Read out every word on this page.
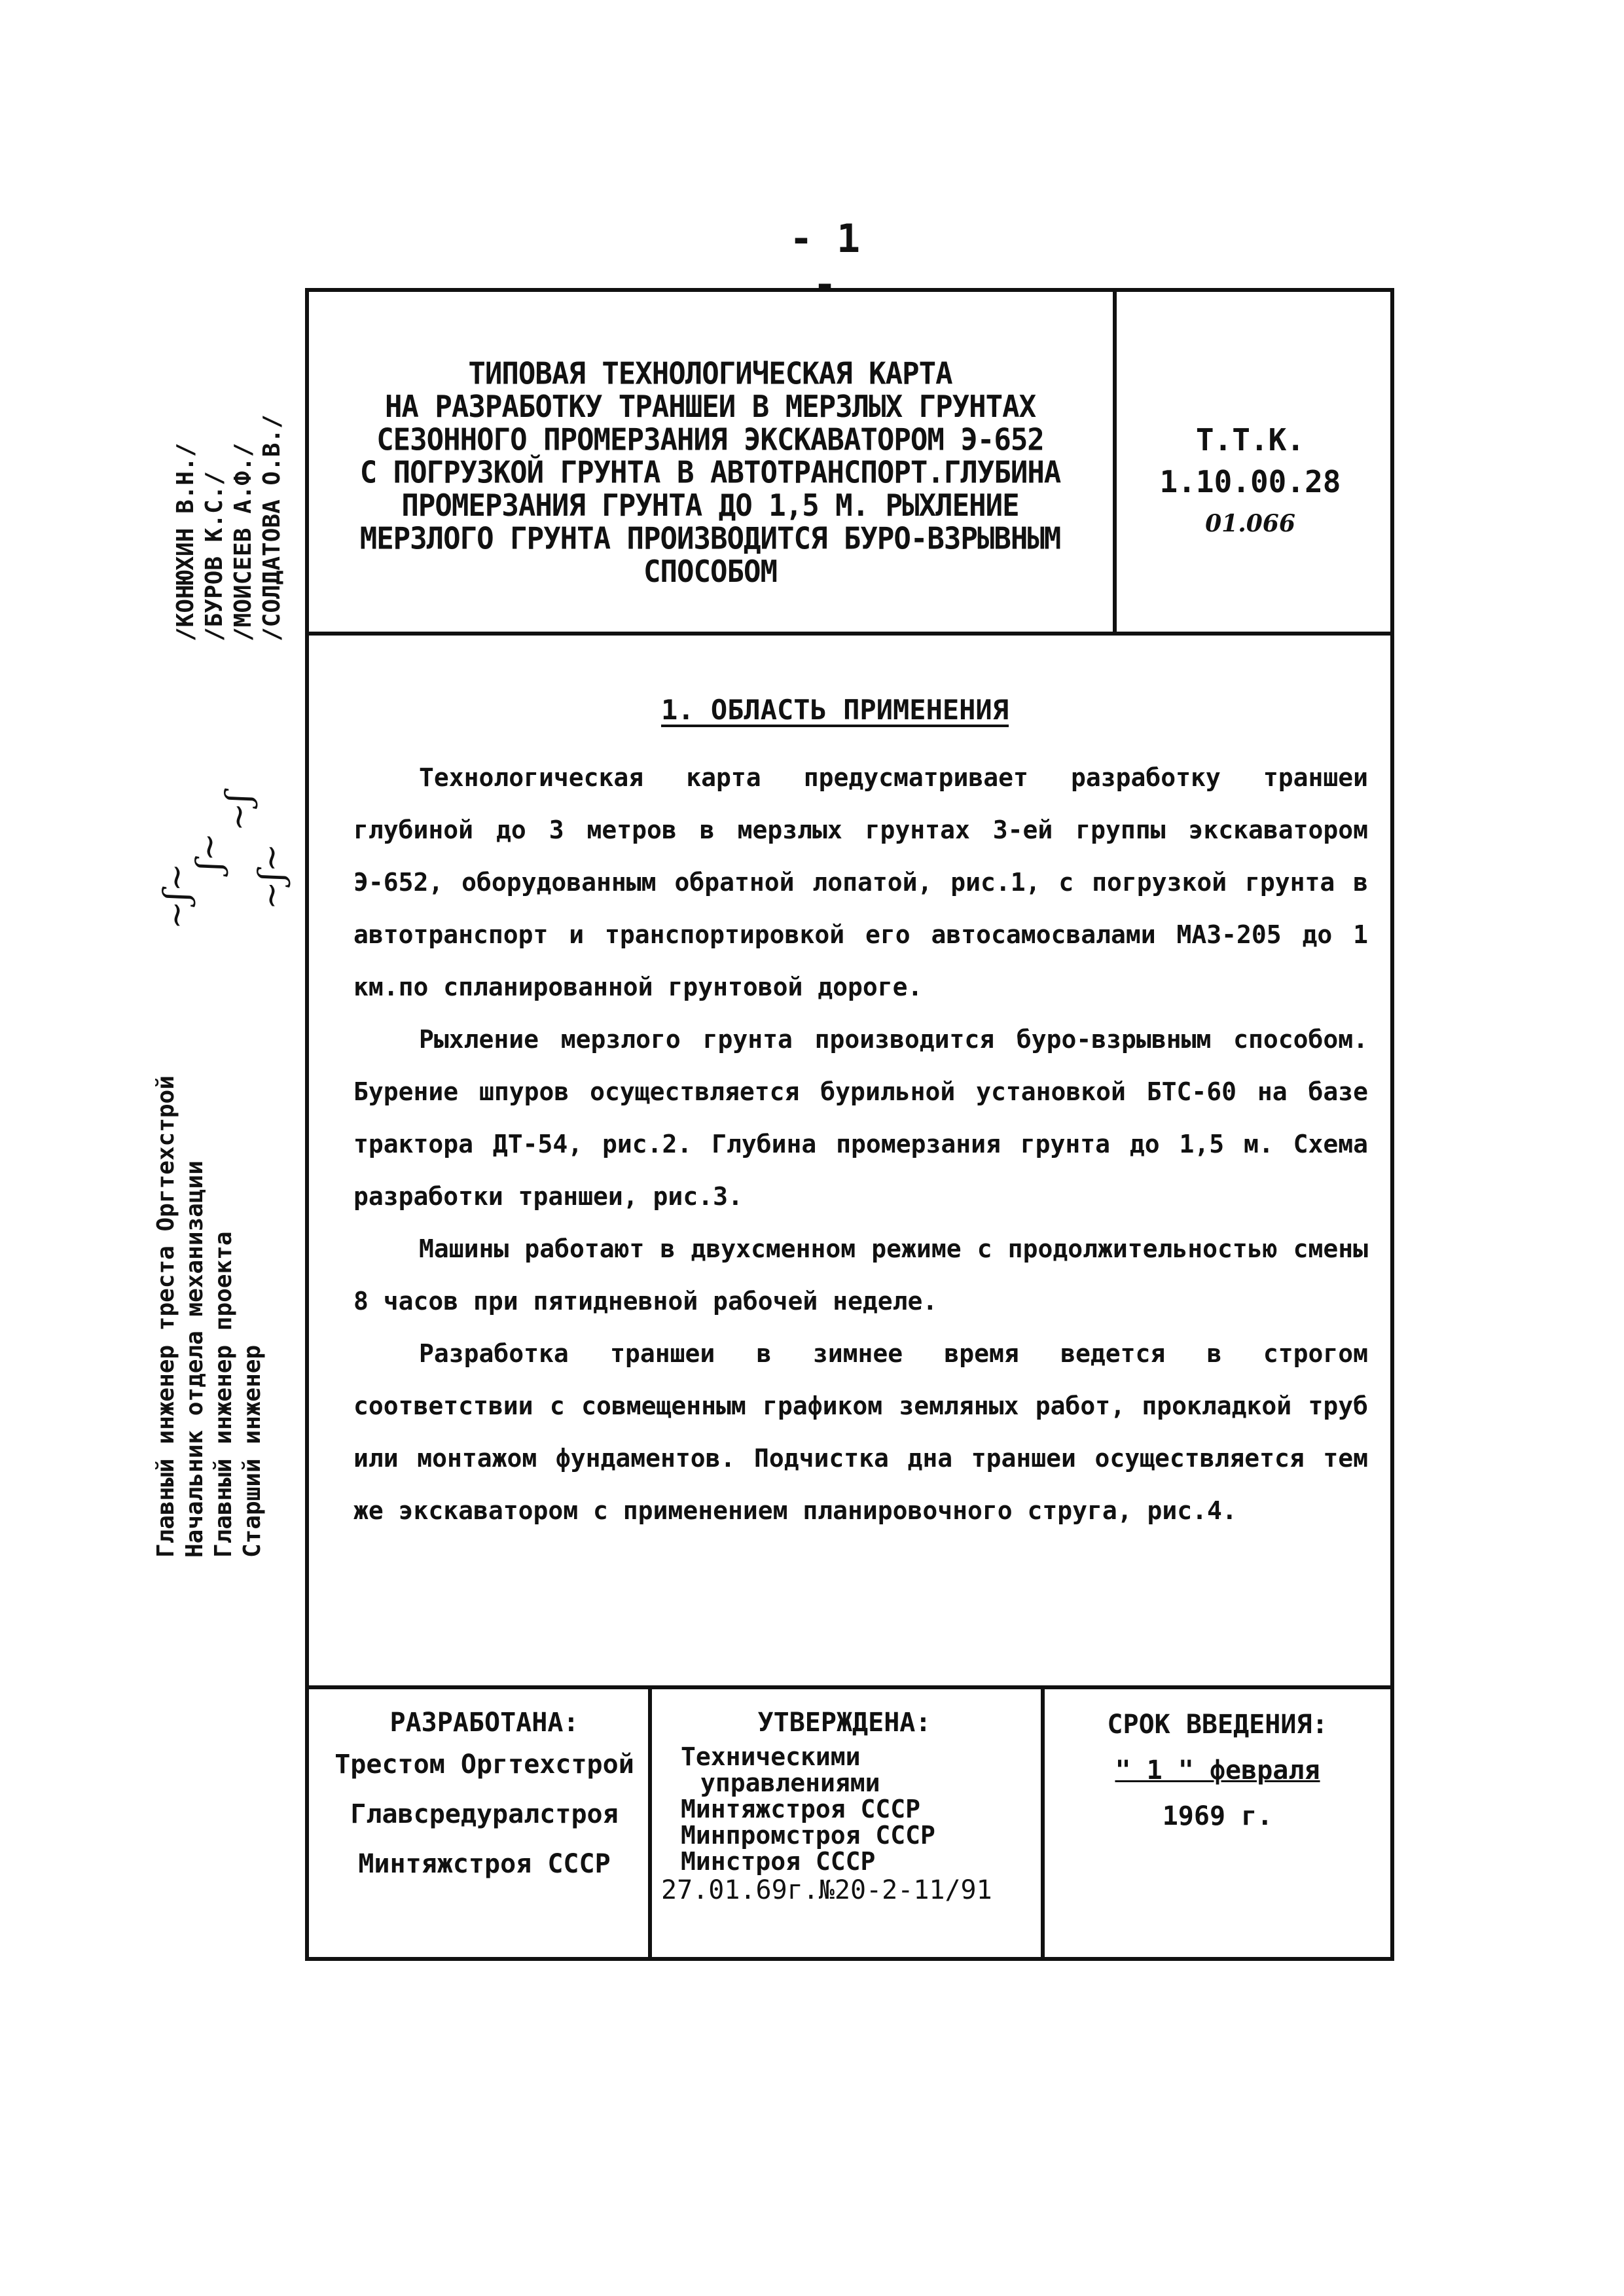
- 1 -
ТИПОВАЯ ТЕХНОЛОГИЧЕСКАЯ КАРТА
НА РАЗРАБОТКУ ТРАНШЕИ В МЕРЗЛЫХ ГРУНТАХ
СЕЗОННОГО ПРОМЕРЗАНИЯ ЭКСКАВАТОРОМ Э-652
С ПОГРУЗКОЙ ГРУНТА В АВТОТРАНСПОРТ.ГЛУБИНА
ПРОМЕРЗАНИЯ ГРУНТА ДО 1,5 М. РЫХЛЕНИЕ
МЕРЗЛОГО ГРУНТА ПРОИЗВОДИТСЯ БУРО-ВЗРЫВНЫМ
СПОСОБОМ
Т.Т.К.
1.10.00.28
01.066
1. ОБЛАСТЬ ПРИМЕНЕНИЯ

Технологическая карта предусматривает разработку траншеи глубиной до 3 метров в мерзлых грунтах 3-ей группы экскаватором Э-652, оборудованным обратной лопатой, рис.1, с погрузкой грунта в автотранспорт и транспортировкой его автосамосвалами МАЗ-205 до 1 км.по спланированной грунтовой дороге.

Рыхление мерзлого грунта производится буро-взрывным способом. Бурение шпуров осуществляется бурильной установкой БТС-60 на базе трактора ДТ-54, рис.2. Глубина промерзания грунта до 1,5 м. Схема разработки траншеи, рис.3.

Машины работают в двухсменном режиме с продолжительностью смены 8 часов при пятидневной рабочей неделе.

Разработка траншеи в зимнее время ведется в строгом соответствии с совмещенным графиком земляных работ, прокладкой труб или монтажом фундаментов. Подчистка дна траншеи осуществляется тем же экскаватором с применением планировочного струга, рис.4.

РАЗРАБОТАНА:
Трестом Оргтехстрой
Главсредуралстроя
Минтяжстроя СССР
УТВЕРЖДЕНА:
Техническими
управлениями
Минтяжстроя СССР
Минпромстроя СССР
Минстроя СССР
27.01.69г.№20-2-11/91
СРОК ВВЕДЕНИЯ:
" 1 " февраля
1969 г.
Главный инженер треста Оргтехстрой Начальник отдела механизации Главный инженер проекта Старший инженер
~ʃ~
ʃ~
~ʃ
~ʃ~
/КОНЮХИН В.Н./ /БУРОВ К.С./ /МОИСЕЕВ А.Ф./ /СОЛДАТОВА О.В./
